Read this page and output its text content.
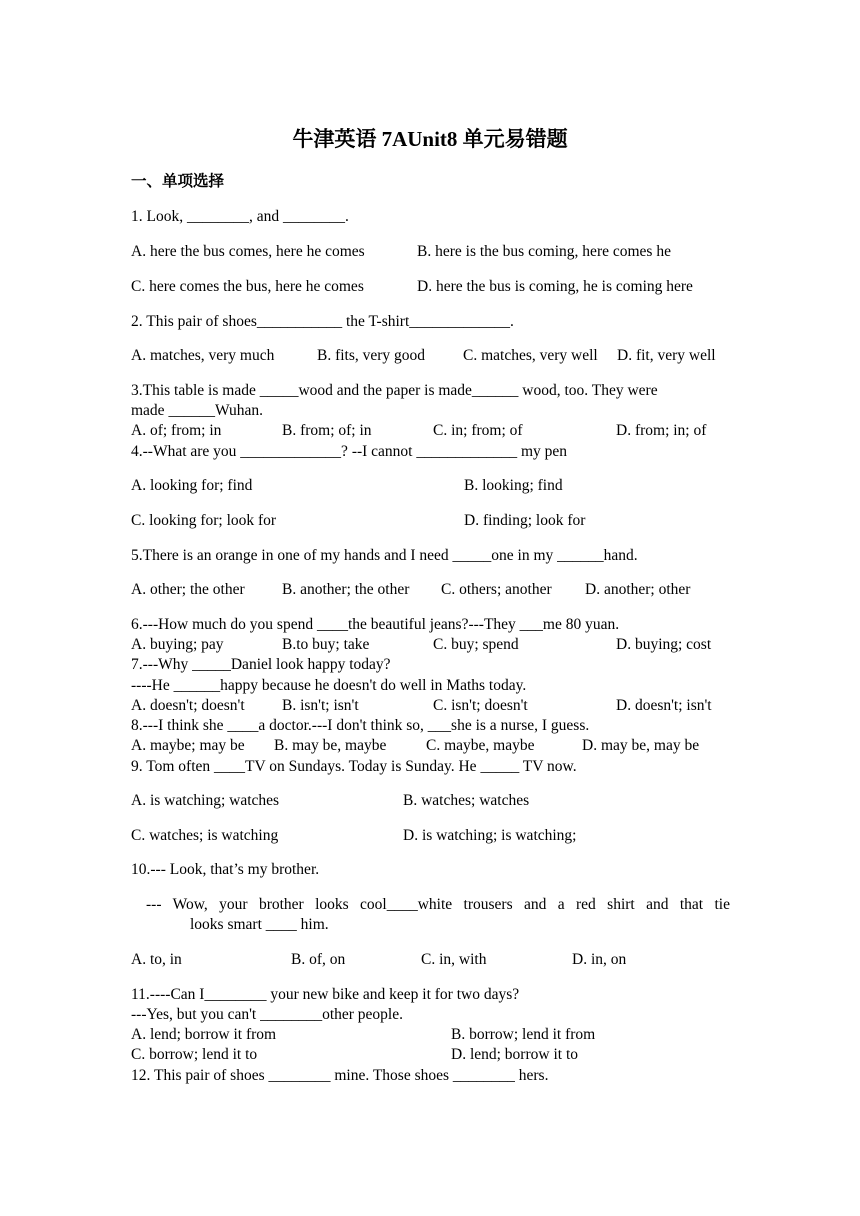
牛津英语 7AUnit8 单元易错题
一、单项选择
1. Look, ________, and ________.
A. here the bus comes, here he comes	B. here is the bus coming, here comes he
C. here comes the bus, here he comes	D. here the bus is coming, he is coming here
2. This pair of shoes___________ the T-shirt_____________.
A. matches, very much	B. fits, very good C. matches, very well D. fit, very well
3.This table is made _____wood and the paper is made______ wood, too. They were
made ______Wuhan.
A. of; from; in	B. from; of; in	C. in; from; of	D. from; in; of
4.--What are you _____________? --I cannot _____________ my pen
A. looking for; find	B. looking; find
C. looking for; look for	D. finding; look for
5.There is an orange in one of my hands and I need _____one in my ______hand.
A. other; the other B. another; the other C. others; another D. another; other
6.---How much do you spend ____the beautiful jeans?---They ___me 80 yuan.
A. buying; pay	B.to buy; take	C. buy; spend	D. buying; cost
7.---Why _____Daniel look happy today?
----He ______happy because he doesn't do well in Maths today.
A. doesn't; doesn't B. isn't; isn't	C. isn't; doesn't	D. doesn't; isn't
8.---I think she ____a doctor.---I don't think so, ___she is a nurse, I guess.
A. maybe; may be B. may be, maybe	C. maybe, maybe	D. may be, may be
9. Tom often ____TV on Sundays. Today is Sunday. He _____ TV now.
A. is watching; watches	B. watches; watches
C. watches; is watching	D. is watching; is watching;
10.--- Look, that’s my brother.
--- Wow, your brother looks cool____white trousers and a red shirt and that tie
looks smart ____ him.
A. to, in	B. of, on	C. in, with	D. in, on
11.----Can I________ your new bike and keep it for two days?
---Yes, but you can't ________other people.
A. lend; borrow it from	B. borrow; lend it from
C. borrow; lend it to	D. lend; borrow it to
12. This pair of shoes ________ mine. Those shoes ________ hers.
